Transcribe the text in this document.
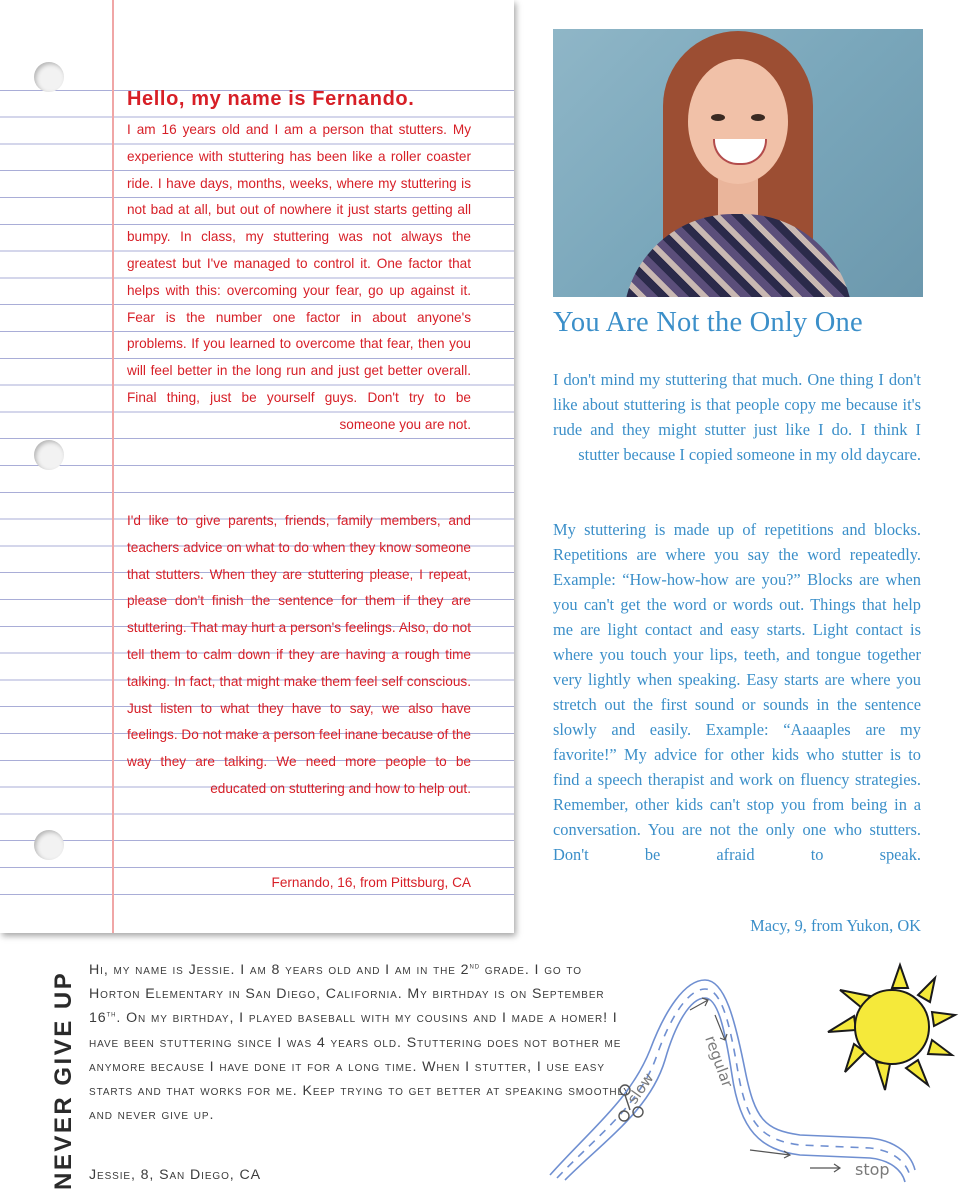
Hello, my name is Fernando.

I am 16 years old and I am a person that stutters. My experience with stuttering has been like a roller coaster ride. I have days, months, weeks, where my stuttering is not bad at all, but out of nowhere it just starts getting all bumpy. In class, my stuttering was not always the greatest but I've managed to control it. One factor that helps with this: overcoming your fear, go up against it. Fear is the number one factor in about anyone's problems. If you learned to overcome that fear, then you will feel better in the long run and just get better overall. Final thing, just be yourself guys. Don't try to be someone you are not.

I'd like to give parents, friends, family members, and teachers advice on what to do when they know someone that stutters. When they are stuttering please, I repeat, please don't finish the sentence for them if they are stuttering. That may hurt a person's feelings. Also, do not tell them to calm down if they are having a rough time talking. In fact, that might make them feel self conscious. Just listen to what they have to say, we also have feelings. Do not make a person feel inane because of the way they are talking. We need more people to be educated on stuttering and how to help out.

Fernando, 16, from Pittsburg, CA

You Are Not the Only One

I don't mind my stuttering that much. One thing I don't like about stuttering is that people copy me because it's rude and they might stutter just like I do. I think I stutter because I copied someone in my old daycare.

My stuttering is made up of repetitions and blocks. Repetitions are where you say the word repeatedly. Example: “How-how-how are you?” Blocks are when you can't get the word or words out. Things that help me are light contact and easy starts. Light contact is where you touch your lips, teeth, and tongue together very lightly when speaking. Easy starts are where you stretch out the first sound or sounds in the sentence slowly and easily. Example: “Aaaaples are my favorite!” My advice for other kids who stutter is to find a speech therapist and work on fluency strategies. Remember, other kids can't stop you from being in a conversation. You are not the only one who stutters. Don't be afraid to speak.

Macy, 9, from Yukon, OK

NEVER GIVE UP

Hi, my name is Jessie. I am 8 years old and I am in the 2nd grade. I go to Horton Elementary in San Diego, California. My birthday is on September 16th. On my birthday, I played baseball with my cousins and I made a homer! I have been stuttering since I was 4 years old. Stuttering does not bother me anymore because I have done it for a long time. When I stutter, I use easy starts and that works for me. Keep trying to get better at speaking smoothly and never give up.

Jessie, 8, San Diego, CA

slow	regular
stop
